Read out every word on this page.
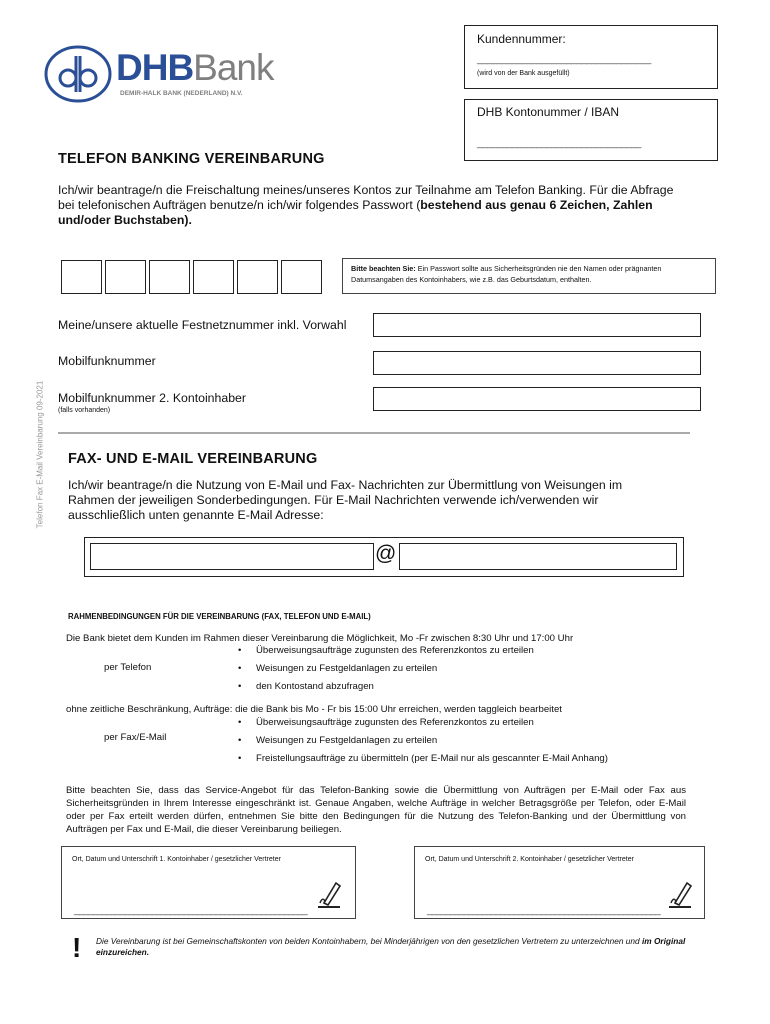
DHBBank
DEMIR-HALK BANK (NEDERLAND) N.V.
Kundennummer:
___________________________________
(wird von der Bank ausgefüllt)
DHB Kontonummer / IBAN
_________________________________
Telefon Fax E-Mail Vereinbarung 09-2021
TELEFON BANKING VEREINBARUNG
Ich/wir beantrage/n die Freischaltung meines/unseres Kontos zur Teilnahme am Telefon Banking. Für die Abfrage bei telefonischen Aufträgen benutze/n ich/wir folgendes Passwort (bestehend aus genau 6 Zeichen, Zahlen und/oder Buchstaben).
Bitte beachten Sie: Ein Passwort sollte aus Sicherheitsgründen nie den Namen oder prägnanten Datumsangaben des Kontoinhabers, wie z.B. das Geburtsdatum, enthalten.
Meine/unsere aktuelle Festnetznummer inkl. Vorwahl
Mobilfunknummer
Mobilfunknummer 2. Kontoinhaber
(falls vorhanden)
FAX- UND E-MAIL VEREINBARUNG
Ich/wir beantrage/n die Nutzung von E-Mail und Fax- Nachrichten zur Übermittlung von Weisungen im Rahmen der jeweiligen Sonderbedingungen. Für E-Mail Nachrichten verwende ich/verwenden wir ausschließlich unten genannte E-Mail Adresse:
@
RAHMENBEDINGUNGEN FÜR DIE VEREINBARUNG (FAX, TELEFON UND E-MAIL)
Die Bank bietet dem Kunden im Rahmen dieser Vereinbarung die Möglichkeit, Mo -Fr zwischen 8:30 Uhr und 17:00 Uhr
per Telefon
• Überweisungsaufträge zugunsten des Referenzkontos zu erteilen
• Weisungen zu Festgeldanlagen zu erteilen
• den Kontostand abzufragen
ohne zeitliche Beschränkung, Aufträge: die die Bank bis Mo - Fr bis 15:00 Uhr erreichen, werden taggleich bearbeitet
per Fax/E-Mail
• Überweisungsaufträge zugunsten des Referenzkontos zu erteilen
• Weisungen zu Festgeldanlagen zu erteilen
• Freistellungsaufträge zu übermitteln (per E-Mail nur als gescannter E-Mail Anhang)
Bitte beachten Sie, dass das Service-Angebot für das Telefon-Banking sowie die Übermittlung von Aufträgen per E-Mail oder Fax aus Sicherheitsgründen in Ihrem Interesse eingeschränkt ist. Genaue Angaben, welche Aufträge in welcher Betragsgröße per Telefon, oder E-Mail oder per Fax erteilt werden dürfen, entnehmen Sie bitte den Bedingungen für die Nutzung des Telefon-Banking und der Übermittlung von Aufträgen per Fax und E-Mail, die dieser Vereinbarung beiliegen.
Ort, Datum und Unterschrift 1. Kontoinhaber / gesetzlicher Vertreter
___________________________________________________
Ort, Datum und Unterschrift 2. Kontoinhaber / gesetzlicher Vertreter
___________________________________________________
! Die Vereinbarung ist bei Gemeinschaftskonten von beiden Kontoinhabern, bei Minderjährigen von den gesetzlichen Vertretern zu unterzeichnen und im Original einzureichen.
